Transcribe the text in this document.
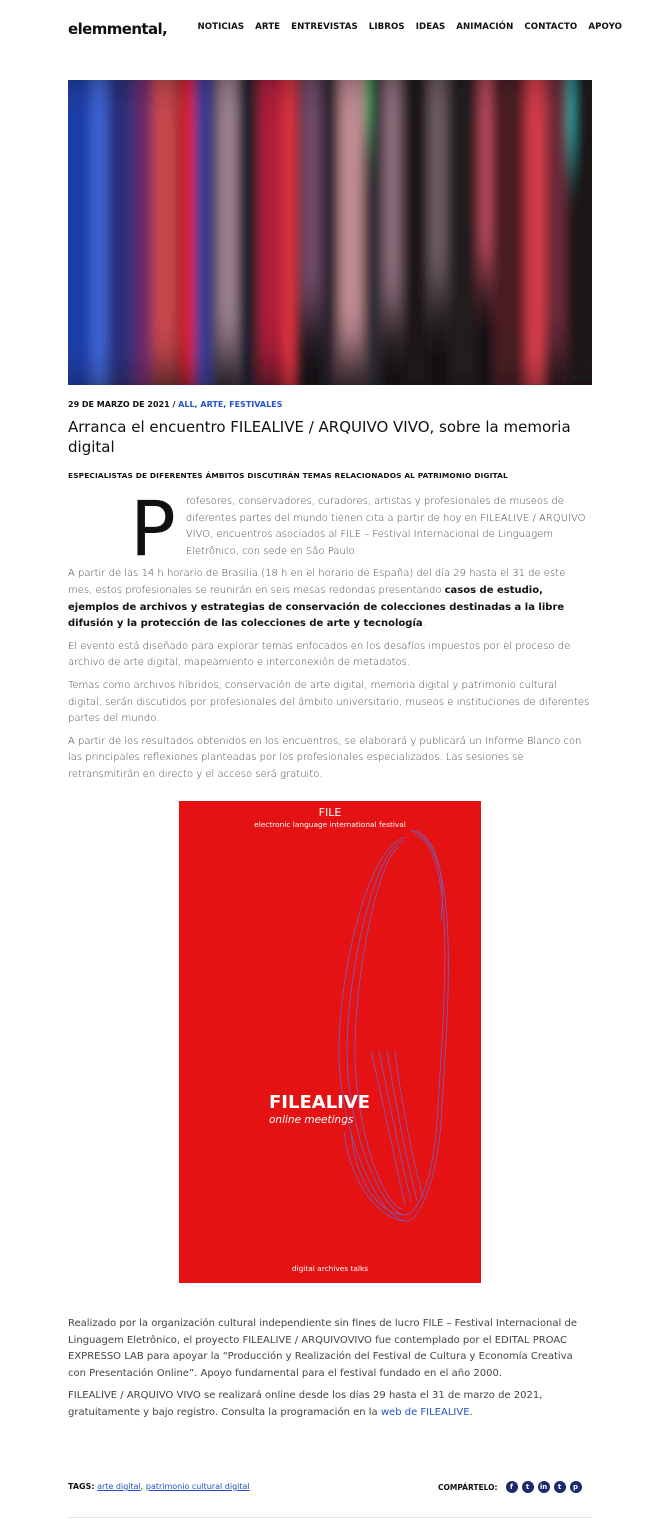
elemmental,	NOTICIAS ARTE ENTREVISTAS LIBROS IDEAS ANIMACIÓN CONTACTO APOYO
29 DE MARZO DE 2021 / ALL, ARTE, FESTIVALES
Arranca el encuentro FILEALIVE / ARQUIVO VIVO, sobre la memoria digital
ESPECIALISTAS DE DIFERENTES ÁMBITOS DISCUTIRÁN TEMAS RELACIONADOS AL PATRIMONIO DIGITAL

P rofesores, conservadores, curadores, artistas y profesionales de museos de diferentes partes del mundo tienen cita a partir de hoy en FILEALIVE / ARQUIVO VIVO, encuentros asociados al FILE – Festival Internacional de Linguagem Eletrônico, con sede en São Paulo.

A partir de las 14 h horario de Brasilia (18 h en el horario de España) del día 29 hasta el 31 de este mes, estos profesionales se reunirán en seis mesas redondas presentando casos de estudio, ejemplos de archivos y estrategias de conservación de colecciones destinadas a la libre difusión y la protección de las colecciones de arte y tecnología.

El evento está diseñado para explorar temas enfocados en los desafíos impuestos por el proceso de archivo de arte digital, mapeamiento e interconexión de metadatos.

Temas como archivos híbridos, conservación de arte digital, memoria digital y patrimonio cultural digital, serán discutidos por profesionales del ámbito universitario, museos e instituciones de diferentes partes del mundo.

A partir de los resultados obtenidos en los encuentros, se elaborará y publicará un Informe Blanco con las principales reflexiones planteadas por los profesionales especializados. Las sesiones se retransmitirán en directo y el acceso será gratuito.

FILE
electronic language international festival
FILEALIVE
online meetings
digital archives talks

Realizado por la organización cultural independiente sin fines de lucro FILE – Festival Internacional de Linguagem Eletrônico, el proyecto FILEALIVE / ARQUIVOVIVO fue contemplado por el EDITAL PROAC EXPRESSO LAB para apoyar la “Producción y Realización del Festival de Cultura y Economía Creativa con Presentación Online”. Apoyo fundamental para el festival fundado en el año 2000.

FILEALIVE / ARQUIVO VIVO se realizará online desde los días 29 hasta el 31 de marzo de 2021, gratuitamente y bajo registro. Consulta la programación en la web de FILEALIVE.

TAGS: arte digital, patrimonio cultural digital	COMPÁRTELO:	f	t	in	t	p
